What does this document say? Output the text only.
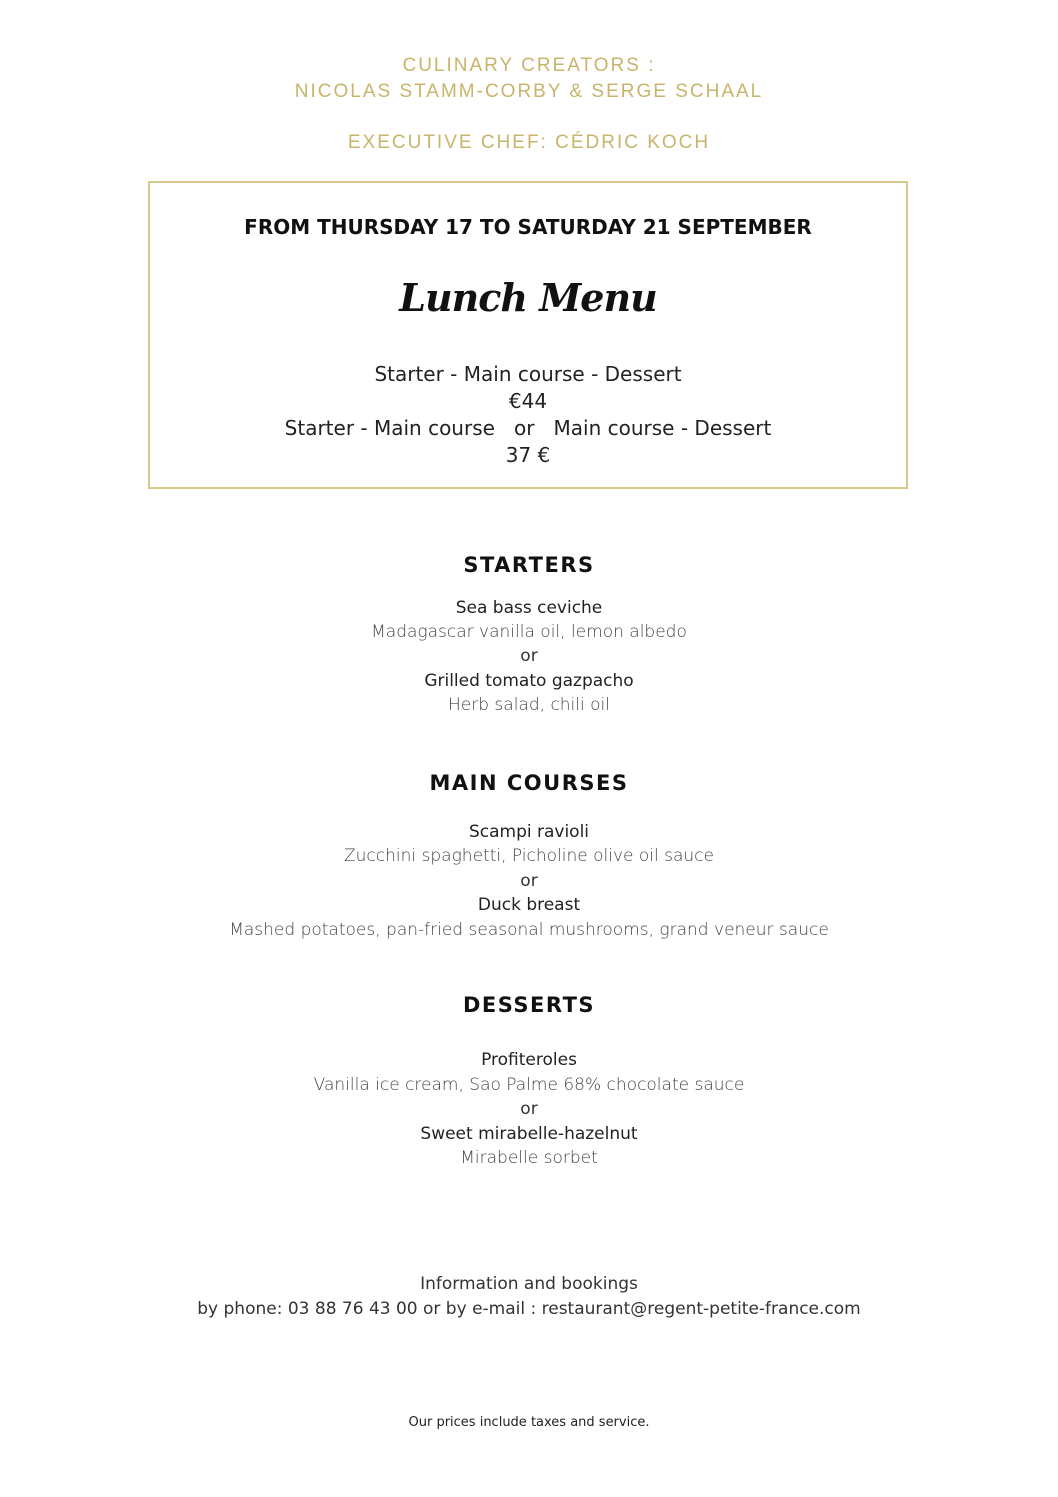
CULINARY CREATORS :
NICOLAS STAMM-CORBY & SERGE SCHAAL
EXECUTIVE CHEF: CÉDRIC KOCH
FROM THURSDAY 17 TO SATURDAY 21 SEPTEMBER
Lunch Menu
Starter - Main course - Dessert
€44
Starter - Main course   or   Main course - Dessert
37 €
STARTERS
Sea bass ceviche
Madagascar vanilla oil, lemon albedo
or
Grilled tomato gazpacho
Herb salad, chili oil
MAIN COURSES
Scampi ravioli
Zucchini spaghetti, Picholine olive oil sauce
or
Duck breast
Mashed potatoes, pan-fried seasonal mushrooms, grand veneur sauce
DESSERTS
Profiteroles
Vanilla ice cream, Sao Palme 68% chocolate sauce
or
Sweet mirabelle-hazelnut
Mirabelle sorbet
Information and bookings
by phone: 03 88 76 43 00 or by e-mail : restaurant@regent-petite-france.com
Our prices include taxes and service.
